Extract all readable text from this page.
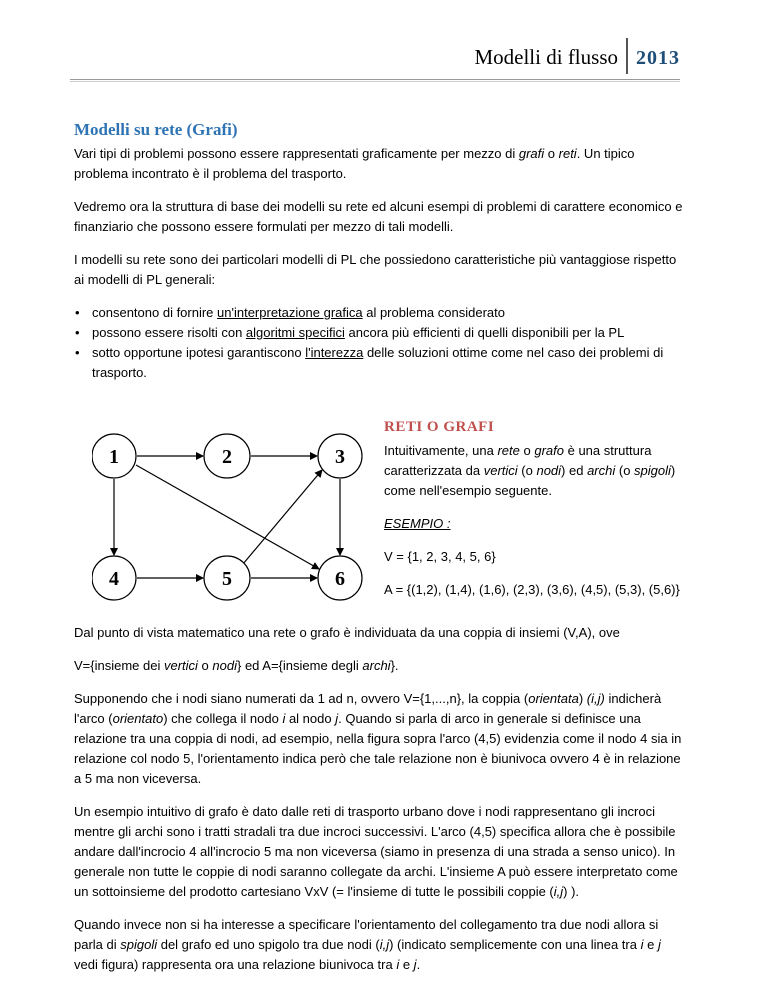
Modelli di flusso 2013
Modelli su rete (Grafi)

Vari tipi di problemi possono essere rappresentati graficamente per mezzo di grafi o reti. Un tipico problema incontrato è il problema del trasporto.

Vedremo ora la struttura di base dei modelli su rete ed alcuni esempi di problemi di carattere economico e finanziario che possono essere formulati per mezzo di tali modelli.

I modelli su rete sono dei particolari modelli di PL che possiedono caratteristiche più vantaggiose rispetto ai modelli di PL generali:

• consentono di fornire un'interpretazione grafica al problema considerato
• possono essere risolti con algoritmi specifici ancora più efficienti di quelli disponibili per la PL
• sotto opportune ipotesi garantiscono l'interezza delle soluzioni ottime come nel caso dei problemi di trasporto.
1	2	3
4	5	6
RETI O GRAFI

Intuitivamente, una rete o grafo è una struttura caratterizzata da vertici (o nodi) ed archi (o spigoli) come nell'esempio seguente.

ESEMPIO :

V = {1, 2, 3, 4, 5, 6}

A = {(1,2), (1,4), (1,6), (2,3), (3,6), (4,5), (5,3), (5,6)}

Dal punto di vista matematico una rete o grafo è individuata da una coppia di insiemi (V,A), ove

V={insieme dei vertici o nodi} ed A={insieme degli archi}.

Supponendo che i nodi siano numerati da 1 ad n, ovvero V={1,...,n}, la coppia (orientata) (i,j) indicherà l'arco (orientato) che collega il nodo i al nodo j. Quando si parla di arco in generale si definisce una relazione tra una coppia di nodi, ad esempio, nella figura sopra l'arco (4,5) evidenzia come il nodo 4 sia in relazione col nodo 5, l'orientamento indica però che tale relazione non è biunivoca ovvero 4 è in relazione a 5 ma non viceversa.

Un esempio intuitivo di grafo è dato dalle reti di trasporto urbano dove i nodi rappresentano gli incroci mentre gli archi sono i tratti stradali tra due incroci successivi. L'arco (4,5) specifica allora che è possibile andare dall'incrocio 4 all'incrocio 5 ma non viceversa (siamo in presenza di una strada a senso unico). In generale non tutte le coppie di nodi saranno collegate da archi. L'insieme A può essere interpretato come un sottoinsieme del prodotto cartesiano VxV (= l'insieme di tutte le possibili coppie (i,j) ).

Quando invece non si ha interesse a specificare l'orientamento del collegamento tra due nodi allora si parla di spigoli del grafo ed uno spigolo tra due nodi (i,j) (indicato semplicemente con una linea tra i e j vedi figura) rappresenta ora una relazione biunivoca tra i e j.
